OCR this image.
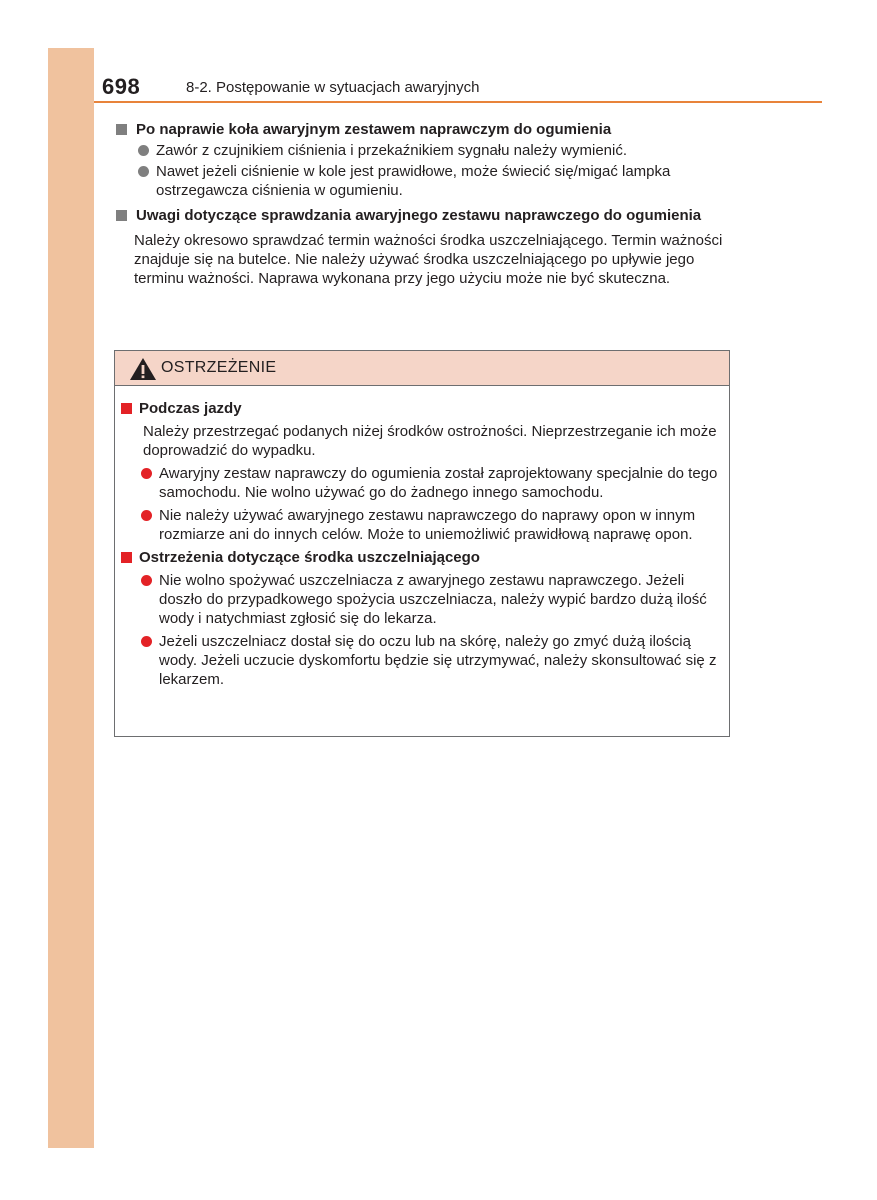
698	8-2. Postępowanie w sytuacjach awaryjnych
Po naprawie koła awaryjnym zestawem naprawczym do ogumienia
Zawór z czujnikiem ciśnienia i przekaźnikiem sygnału należy wymienić.
Nawet jeżeli ciśnienie w kole jest prawidłowe, może świecić się/migać lampka ostrzegawcza ciśnienia w ogumieniu.
Uwagi dotyczące sprawdzania awaryjnego zestawu naprawczego do ogumienia
Należy okresowo sprawdzać termin ważności środka uszczelniającego. Termin ważności znajduje się na butelce. Nie należy używać środka uszczelniającego po upływie jego terminu ważności. Naprawa wykonana przy jego użyciu może nie być skuteczna.
OSTRZEŻENIE
Podczas jazdy
Należy przestrzegać podanych niżej środków ostrożności. Nieprzestrzeganie ich może doprowadzić do wypadku.
Awaryjny zestaw naprawczy do ogumienia został zaprojektowany specjalnie do tego samochodu. Nie wolno używać go do żadnego innego samochodu.
Nie należy używać awaryjnego zestawu naprawczego do naprawy opon w innym rozmiarze ani do innych celów. Może to uniemożliwić prawidłową naprawę opon.
Ostrzeżenia dotyczące środka uszczelniającego
Nie wolno spożywać uszczelniacza z awaryjnego zestawu naprawczego. Jeżeli doszło do przypadkowego spożycia uszczelniacza, należy wypić bardzo dużą ilość wody i natychmiast zgłosić się do lekarza.
Jeżeli uszczelniacz dostał się do oczu lub na skórę, należy go zmyć dużą ilością wody. Jeżeli uczucie dyskomfortu będzie się utrzymywać, należy skonsultować się z lekarzem.
